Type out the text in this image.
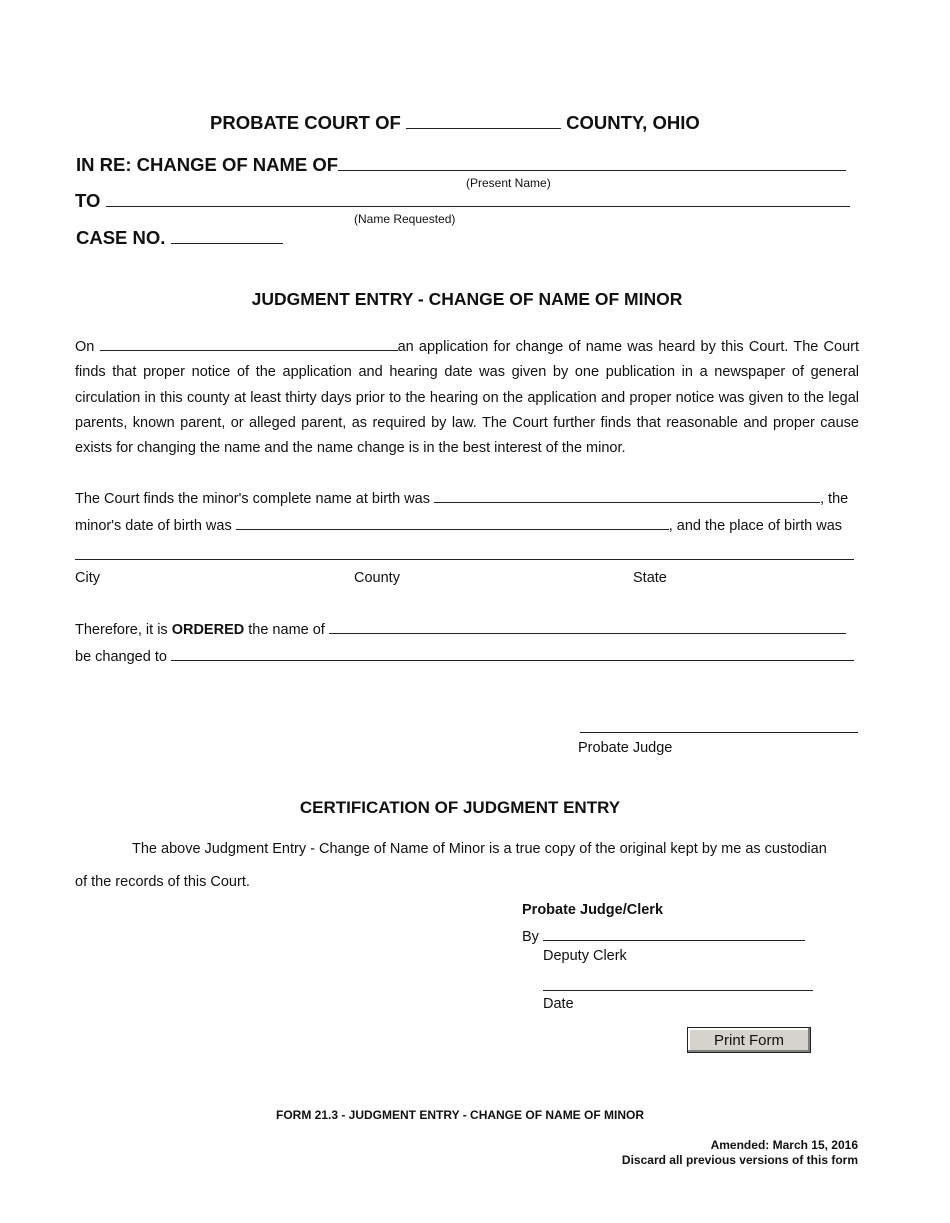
PROBATE COURT OF	COUNTY, OHIO
IN RE: CHANGE OF NAME OF
(Present Name)
TO
(Name Requested)
CASE NO.
JUDGMENT ENTRY - CHANGE OF NAME OF MINOR
On	an application for change of name was heard by this Court. The Court finds that proper notice of the application and hearing date was given by one publication in a newspaper of general circulation in this county at least thirty days prior to the hearing on the application and proper notice was given to the legal parents, known parent, or alleged parent, as required by law. The Court further finds that reasonable and proper cause exists for changing the name and the name change is in the best interest of the minor.
The Court finds the minor's complete name at birth was	, the
minor's date of birth was	, and the place of birth was
City	County	State
Therefore, it is ORDERED the name of
be changed to
Probate Judge
CERTIFICATION OF JUDGMENT ENTRY
The above Judgment Entry - Change of Name of Minor is a true copy of the original kept by me as custodian
of the records of this Court.
Probate Judge/Clerk
By
Deputy Clerk
Date
Print Form
FORM 21.3 - JUDGMENT ENTRY - CHANGE OF NAME OF MINOR
Amended: March 15, 2016
Discard all previous versions of this form
